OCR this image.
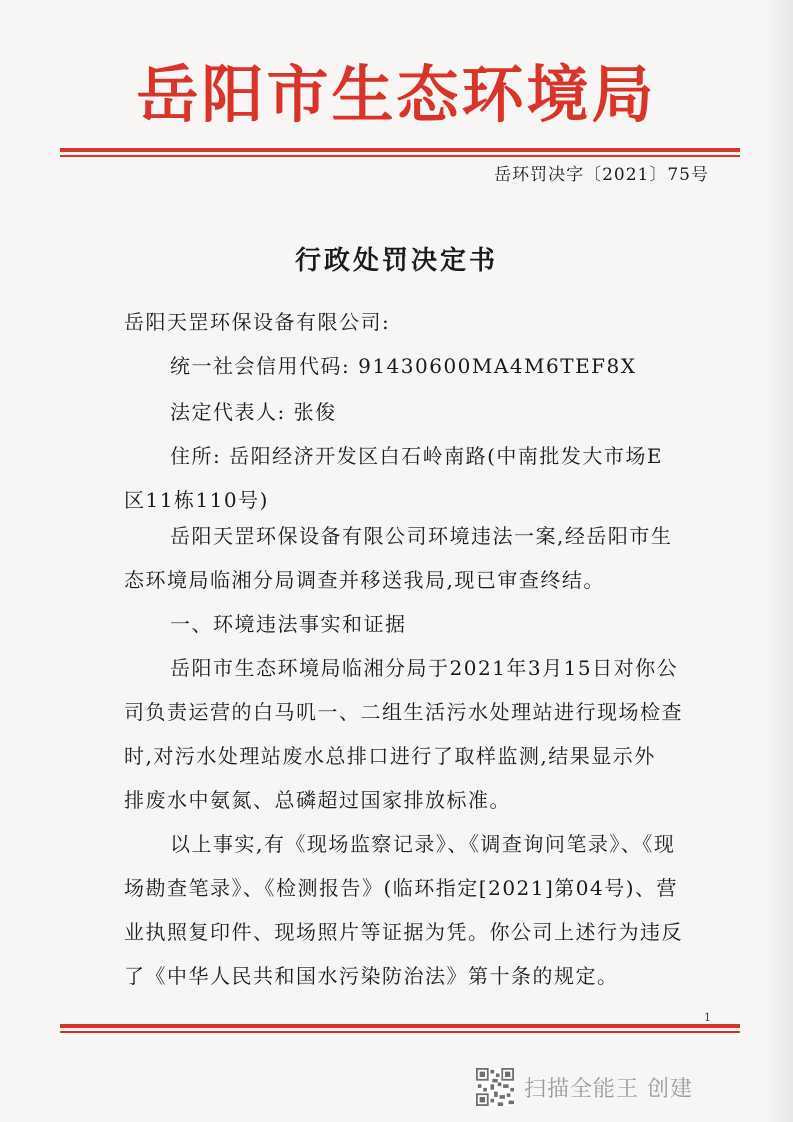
岳阳市生态环境局
岳环罚决字〔2021〕75号
行政处罚决定书
岳阳天罡环保设备有限公司:
统一社会信用代码: 91430600MA4M6TEF8X
法定代表人: 张俊
住所: 岳阳经济开发区白石岭南路(中南批发大市场E
区11栋110号)
岳阳天罡环保设备有限公司环境违法一案,经岳阳市生
态环境局临湘分局调查并移送我局,现已审查终结。
一、环境违法事实和证据
岳阳市生态环境局临湘分局于2021年3月15日对你公
司负责运营的白马叽一、二组生活污水处理站进行现场检查
时,对污水处理站废水总排口进行了取样监测,结果显示外
排废水中氨氮、总磷超过国家排放标准。
以上事实,有《现场监察记录》、《调查询问笔录》、《现
场勘查笔录》、《检测报告》(临环指定[2021]第04号)、营
业执照复印件、现场照片等证据为凭。你公司上述行为违反
了《中华人民共和国水污染防治法》第十条的规定。
1
扫描全能王 创建
